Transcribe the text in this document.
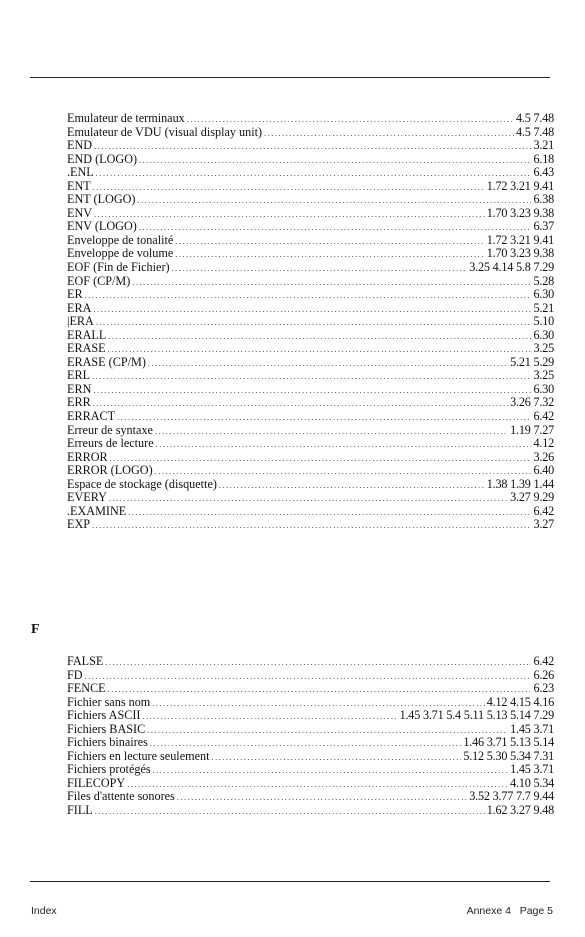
Emulateur de terminaux .....	4.5 7.48
Emulateur de VDU (visual display unit) .....	4.5 7.48
END .....	3.21
END (LOGO) .....	6.18
.ENL .....	6.43
ENT .....	1.72 3.21 9.41
ENT (LOGO) .....	6.38
ENV .....	1.70 3.23 9.38
ENV (LOGO) .....	6.37
Enveloppe de tonalité .....	1.72 3.21 9.41
Enveloppe de volume .....	1.70 3.23 9.38
EOF (Fin de Fichier) .....	3.25 4.14 5.8 7.29
EOF (CP/M) .....	5.28
ER .....	6.30
ERA .....	5.21
|ERA .....	5.10
ERALL .....	6.30
ERASE .....	3.25
ERASE (CP/M) .....	5.21 5.29
ERL .....	3.25
ERN .....	6.30
ERR .....	3.26 7.32
ERRACT .....	6.42
Erreur de syntaxe .....	1.19 7.27
Erreurs de lecture .....	4.12
ERROR .....	3.26
ERROR (LOGO) .....	6.40
Espace de stockage (disquette) .....	1.38 1.39 1.44
EVERY .....	3.27 9.29
.EXAMINE .....	6.42
EXP .....	3.27
F
FALSE .....	6.42
FD .....	6.26
FENCE .....	6.23
Fichier sans nom .....	4.12 4.15 4.16
Fichiers ASCII .....	1.45 3.71 5.4 5.11 5.13 5.14 7.29
Fichiers BASIC .....	1.45 3.71
Fichiers binaires .....	1.46 3.71 5.13 5.14
Fichiers en lecture seulement .....	5.12 5.30 5.34 7.31
Fichiers protégés .....	1.45 3.71
FILECOPY .....	4.10 5.34
Files d'attente sonores .....	3.52 3.77 7.7 9.44
FILL .....	1.62 3.27 9.48
Index	Annexe 4   Page 5
